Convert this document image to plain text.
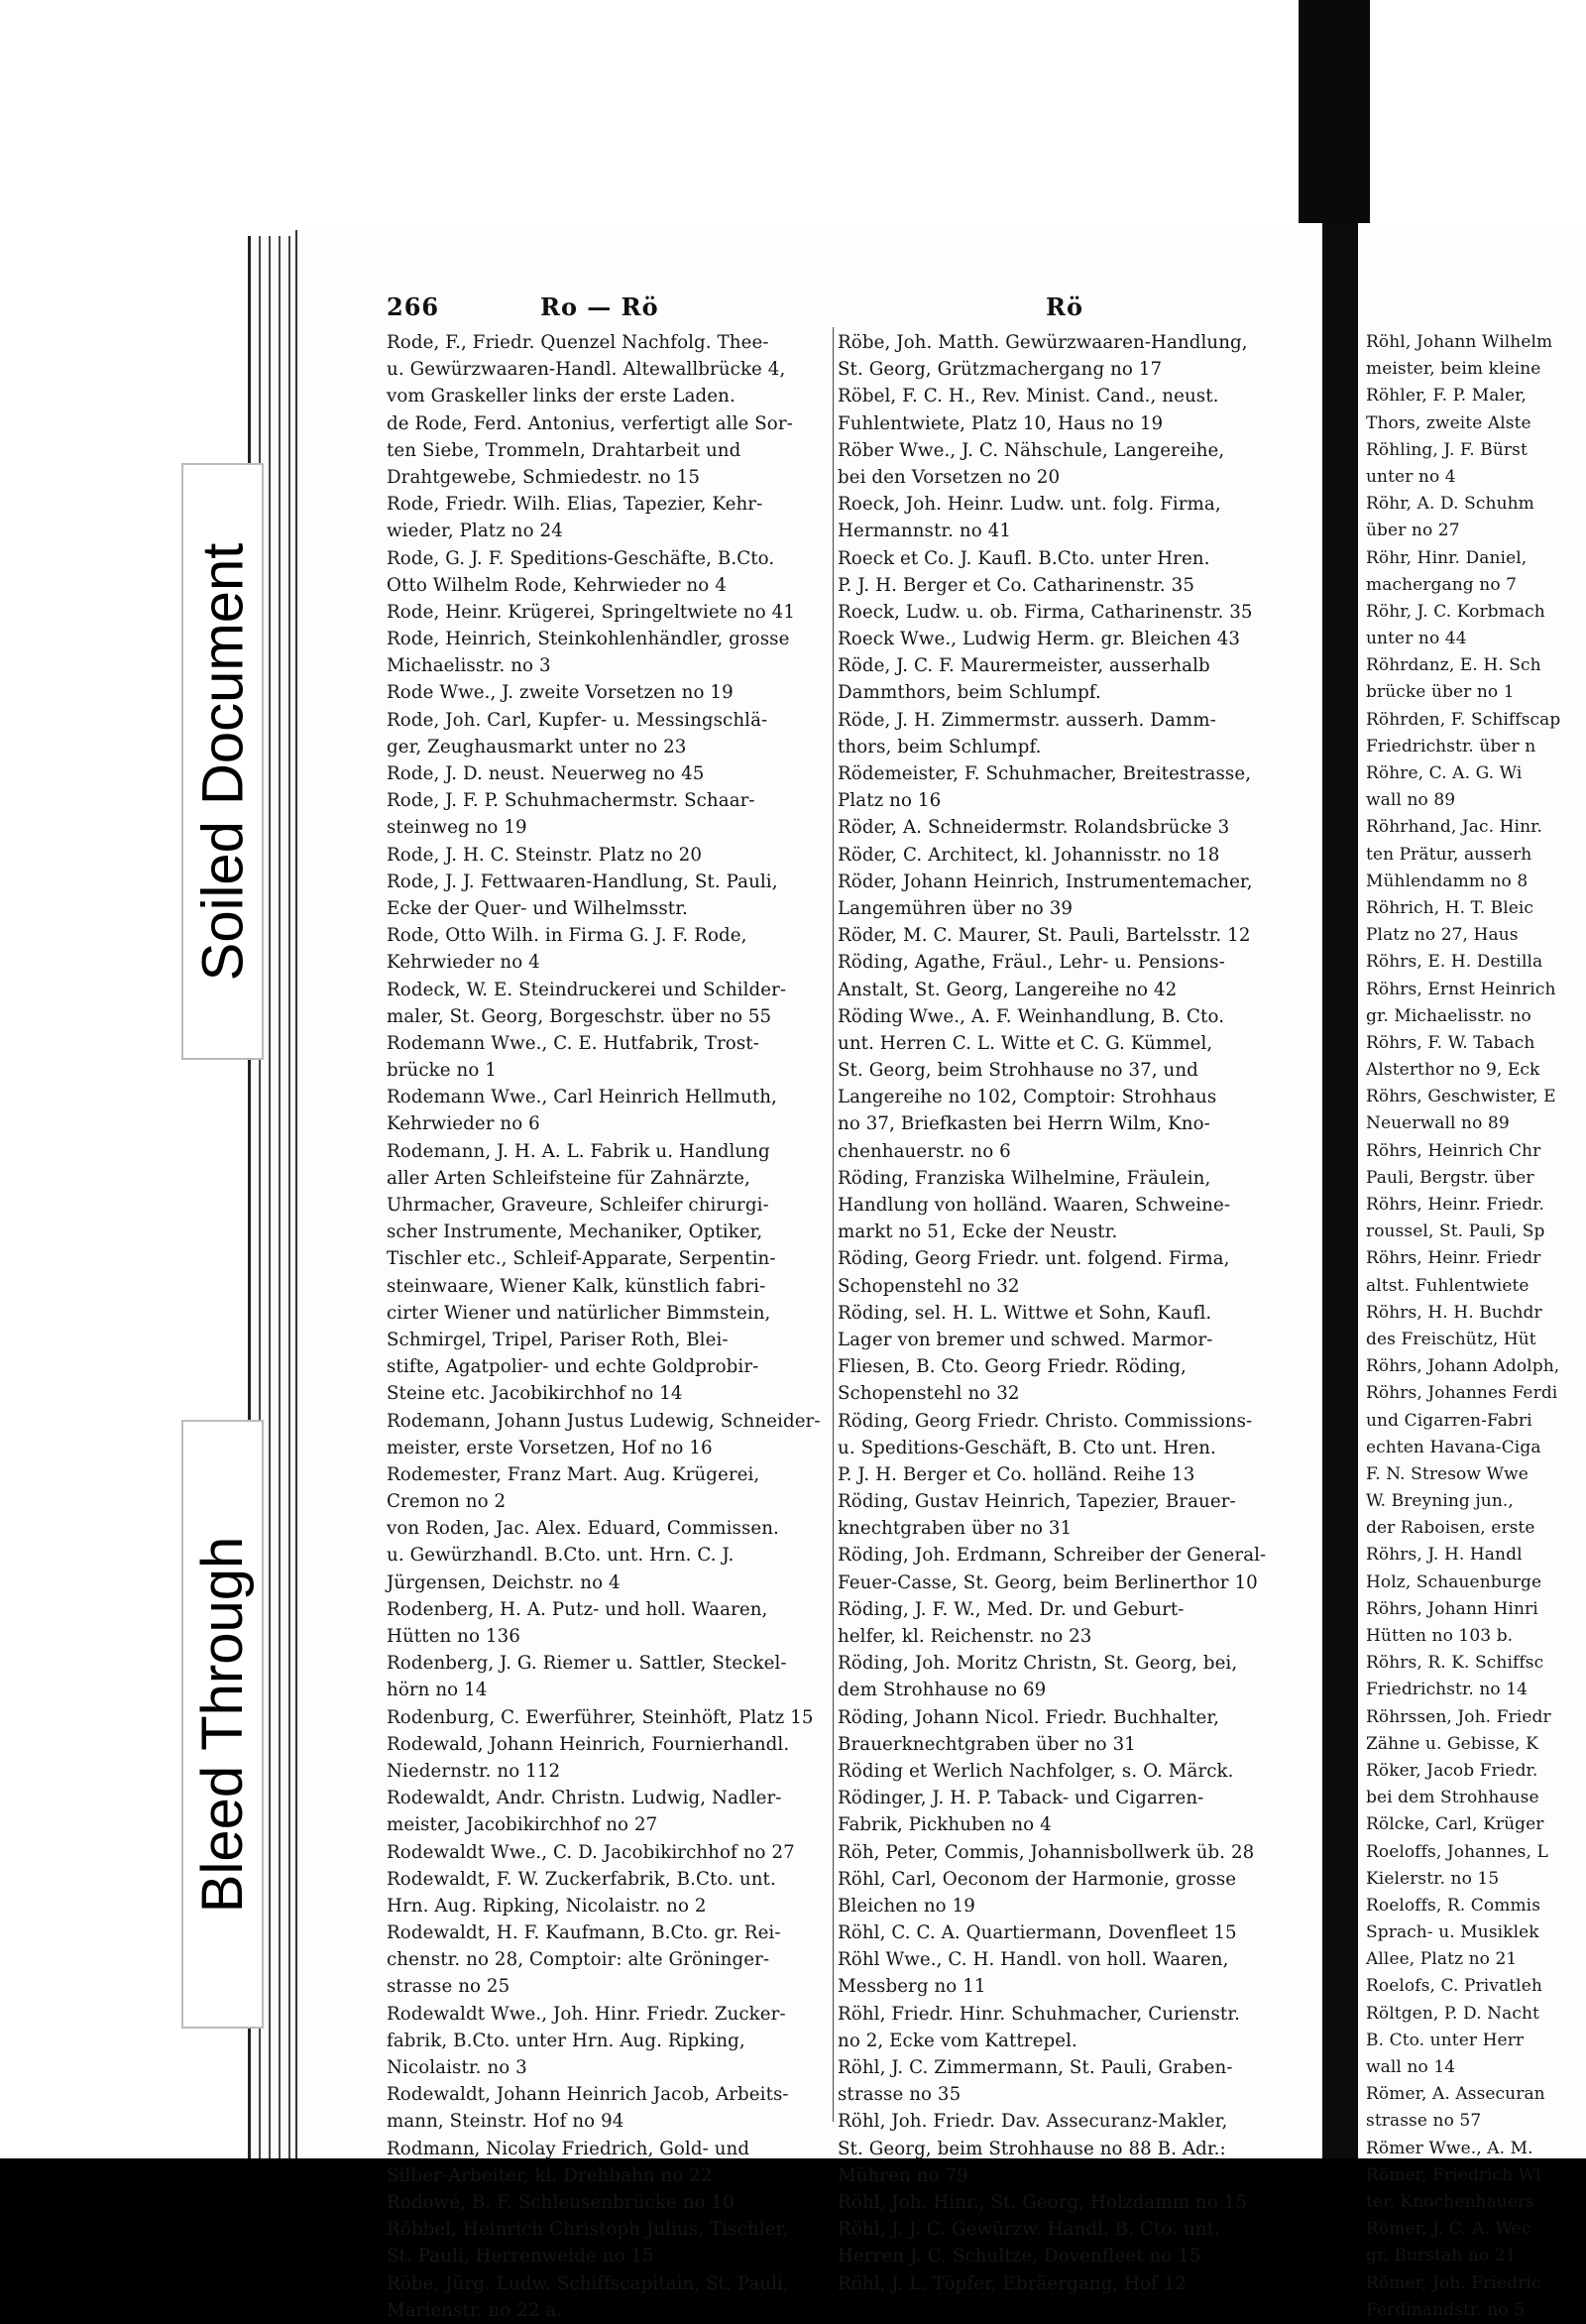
266	Ro — Rö	Rö
Rode, F., Friedr. Quenzel Nachfolg. Thee-
u. Gewürzwaaren-Handl. Altewallbrücke 4,
vom Graskeller links der erste Laden.
de Rode, Ferd. Antonius, verfertigt alle Sor-
ten Siebe, Trommeln, Drahtarbeit und
Drahtgewebe, Schmiedestr. no 15
Rode, Friedr. Wilh. Elias, Tapezier, Kehr-
wieder, Platz no 24
Rode, G. J. F. Speditions-Geschäfte, B.Cto.
Otto Wilhelm Rode, Kehrwieder no 4
Rode, Heinr. Krügerei, Springeltwiete no 41
Rode, Heinrich, Steinkohlenhändler, grosse
Michaelisstr. no 3
Rode Wwe., J. zweite Vorsetzen no 19
Rode, Joh. Carl, Kupfer- u. Messingschlä-
ger, Zeughausmarkt unter no 23
Rode, J. D. neust. Neuerweg no 45
Rode, J. F. P. Schuhmachermstr. Schaar-
steinweg no 19
Rode, J. H. C. Steinstr. Platz no 20
Rode, J. J. Fettwaaren-Handlung, St. Pauli,
Ecke der Quer- und Wilhelmsstr.
Rode, Otto Wilh. in Firma G. J. F. Rode,
Kehrwieder no 4
Rodeck, W. E. Steindruckerei und Schilder-
maler, St. Georg, Borgeschstr. über no 55
Rodemann Wwe., C. E. Hutfabrik, Trost-
brücke no 1
Rodemann Wwe., Carl Heinrich Hellmuth,
Kehrwieder no 6
Rodemann, J. H. A. L. Fabrik u. Handlung
aller Arten Schleifsteine für Zahnärzte,
Uhrmacher, Graveure, Schleifer chirurgi-
scher Instrumente, Mechaniker, Optiker,
Tischler etc., Schleif-Apparate, Serpentin-
steinwaare, Wiener Kalk, künstlich fabri-
cirter Wiener und natürlicher Bimmstein,
Schmirgel, Tripel, Pariser Roth, Blei-
stifte, Agatpolier- und echte Goldprobir-
Steine etc. Jacobikirchhof no 14
Rodemann, Johann Justus Ludewig, Schneider-
meister, erste Vorsetzen, Hof no 16
Rodemester, Franz Mart. Aug. Krügerei,
Cremon no 2
von Roden, Jac. Alex. Eduard, Commissen.
u. Gewürzhandl. B.Cto. unt. Hrn. C. J.
Jürgensen, Deichstr. no 4
Rodenberg, H. A. Putz- und holl. Waaren,
Hütten no 136
Rodenberg, J. G. Riemer u. Sattler, Steckel-
hörn no 14
Rodenburg, C. Ewerführer, Steinhöft, Platz 15
Rodewald, Johann Heinrich, Fournierhandl.
Niedernstr. no 112
Rodewaldt, Andr. Christn. Ludwig, Nadler-
meister, Jacobikirchhof no 27
Rodewaldt Wwe., C. D. Jacobikirchhof no 27
Rodewaldt, F. W. Zuckerfabrik, B.Cto. unt.
Hrn. Aug. Ripking, Nicolaistr. no 2
Rodewaldt, H. F. Kaufmann, B.Cto. gr. Rei-
chenstr. no 28, Comptoir: alte Gröninger-
strasse no 25
Rodewaldt Wwe., Joh. Hinr. Friedr. Zucker-
fabrik, B.Cto. unter Hrn. Aug. Ripking,
Nicolaistr. no 3
Rodewaldt, Johann Heinrich Jacob, Arbeits-
mann, Steinstr. Hof no 94
Rodmann, Nicolay Friedrich, Gold- und
Silber-Arbeiter, kl. Drehbahn no 22
Rodowé, B. F. Schleusenbrücke no 10
Röbbel, Heinrich Christoph Julius, Tischler,
St. Pauli, Herrenweide no 15
Röbe, Jürg. Ludw. Schiffscapitain, St. Pauli,
Marienstr. no 22 a.
Röbe, Joh. Matth. Gewürzwaaren-Handlung,
St. Georg, Grützmachergang no 17
Röbel, F. C. H., Rev. Minist. Cand., neust.
Fuhlentwiete, Platz 10, Haus no 19
Röber Wwe., J. C. Nähschule, Langereihe,
bei den Vorsetzen no 20
Roeck, Joh. Heinr. Ludw. unt. folg. Firma,
Hermannstr. no 41
Roeck et Co. J. Kaufl. B.Cto. unter Hren.
P. J. H. Berger et Co. Catharinenstr. 35
Roeck, Ludw. u. ob. Firma, Catharinenstr. 35
Roeck Wwe., Ludwig Herm. gr. Bleichen 43
Röde, J. C. F. Maurermeister, ausserhalb
Dammthors, beim Schlumpf.
Röde, J. H. Zimmermstr. ausserh. Damm-
thors, beim Schlumpf.
Rödemeister, F. Schuhmacher, Breitestrasse,
Platz no 16
Röder, A. Schneidermstr. Rolandsbrücke 3
Röder, C. Architect, kl. Johannisstr. no 18
Röder, Johann Heinrich, Instrumentemacher,
Langemühren über no 39
Röder, M. C. Maurer, St. Pauli, Bartelsstr. 12
Röding, Agathe, Fräul., Lehr- u. Pensions-
Anstalt, St. Georg, Langereihe no 42
Röding Wwe., A. F. Weinhandlung, B. Cto.
unt. Herren C. L. Witte et C. G. Kümmel,
St. Georg, beim Strohhause no 37, und
Langereihe no 102, Comptoir: Strohhaus
no 37, Briefkasten bei Herrn Wilm, Kno-
chenhauerstr. no 6
Röding, Franziska Wilhelmine, Fräulein,
Handlung von holländ. Waaren, Schweine-
markt no 51, Ecke der Neustr.
Röding, Georg Friedr. unt. folgend. Firma,
Schopenstehl no 32
Röding, sel. H. L. Wittwe et Sohn, Kaufl.
Lager von bremer und schwed. Marmor-
Fliesen, B. Cto. Georg Friedr. Röding,
Schopenstehl no 32
Röding, Georg Friedr. Christo. Commissions-
u. Speditions-Geschäft, B. Cto unt. Hren.
P. J. H. Berger et Co. holländ. Reihe 13
Röding, Gustav Heinrich, Tapezier, Brauer-
knechtgraben über no 31
Röding, Joh. Erdmann, Schreiber der General-
Feuer-Casse, St. Georg, beim Berlinerthor 10
Röding, J. F. W., Med. Dr. und Geburt-
helfer, kl. Reichenstr. no 23
Röding, Joh. Moritz Christn, St. Georg, bei,
dem Strohhause no 69
Röding, Johann Nicol. Friedr. Buchhalter,
Brauerknechtgraben über no 31
Röding et Werlich Nachfolger, s. O. Märck.
Rödinger, J. H. P. Taback- und Cigarren-
Fabrik, Pickhuben no 4
Röh, Peter, Commis, Johannisbollwerk üb. 28
Röhl, Carl, Oeconom der Harmonie, grosse
Bleichen no 19
Röhl, C. C. A. Quartiermann, Dovenfleet 15
Röhl Wwe., C. H. Handl. von holl. Waaren,
Messberg no 11
Röhl, Friedr. Hinr. Schuhmacher, Curienstr.
no 2, Ecke vom Kattrepel.
Röhl, J. C. Zimmermann, St. Pauli, Graben-
strasse no 35
Röhl, Joh. Friedr. Dav. Assecuranz-Makler,
St. Georg, beim Strohhause no 88 B. Adr.:
Mühren no 79
Röhl, Joh. Hinr., St. Georg, Holzdamm no 15
Röhl, J. J. C. Gewürzw. Handl. B. Cto. unt.
Herren J. C. Schultze, Dovenfleet no 15
Röhl, J. L. Töpfer, Ebräergang, Hof 12
Röhl, Johann Wilhelm
meister, beim kleine
Röhler, F. P. Maler,
Thors, zweite Alste
Röhling, J. F. Bürst
unter no 4
Röhr, A. D. Schuhm
über no 27
Röhr, Hinr. Daniel,
machergang no 7
Röhr, J. C. Korbmach
unter no 44
Röhrdanz, E. H. Sch
brücke über no 1
Röhrden, F. Schiffscap
Friedrichstr. über n
Röhre, C. A. G. Wi
wall no 89
Röhrhand, Jac. Hinr.
ten Prätur, ausserh
Mühlendamm no 8
Röhrich, H. T. Bleic
Platz no 27, Haus
Röhrs, E. H. Destilla
Röhrs, Ernst Heinrich
gr. Michaelisstr. no
Röhrs, F. W. Tabach
Alsterthor no 9, Eck
Röhrs, Geschwister, E
Neuerwall no 89
Röhrs, Heinrich Chr
Pauli, Bergstr. über
Röhrs, Heinr. Friedr.
roussel, St. Pauli, Sp
Röhrs, Heinr. Friedr
altst. Fuhlentwiete
Röhrs, H. H. Buchdr
des Freischütz, Hüt
Röhrs, Johann Adolph,
Röhrs, Johannes Ferdi
und Cigarren-Fabri
echten Havana-Ciga
F. N. Stresow Wwe
W. Breyning jun.,
der Raboisen, erste
Röhrs, J. H. Handl
Holz, Schauenburge
Röhrs, Johann Hinri
Hütten no 103 b.
Röhrs, R. K. Schiffsc
Friedrichstr. no 14
Röhrssen, Joh. Friedr
Zähne u. Gebisse, K
Röker, Jacob Friedr.
bei dem Strohhause
Rölcke, Carl, Krüger
Roeloffs, Johannes, L
Kielerstr. no 15
Roeloffs, R. Commis
Sprach- u. Musiklek
Allee, Platz no 21
Roelofs, C. Privatleh
Röltgen, P. D. Nacht
B. Cto. unter Herr
wall no 14
Römer, A. Assecuran
strasse no 57
Römer Wwe., A. M.
Römer, Friedrich Wi
ter, Knochenhauers
Römer, J. C. A. Wec
gr. Burstah no 21
Römer, Joh. Friedric
Ferdinandstr. no 5
Soiled Document
Bleed Through
